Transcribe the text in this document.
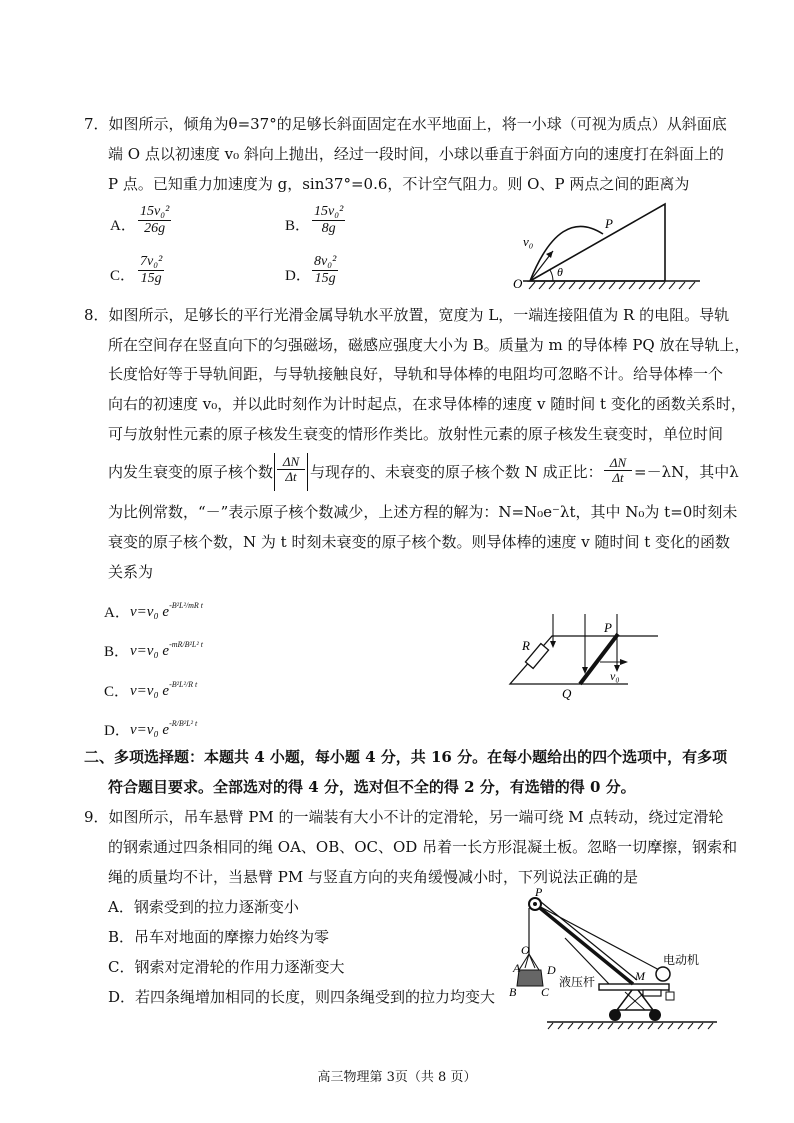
7．如图所示，倾角为θ=37°的足够长斜面固定在水平地面上，将一小球（可视为质点）从斜面底
端 O 点以初速度 v₀ 斜向上抛出，经过一段时间，小球以垂直于斜面方向的速度打在斜面上的
P 点。已知重力加速度为 g，sin37°=0.6，不计空气阻力。则 O、P 两点之间的距离为
A． $\frac{\text{15v₀²}}{26g}$	B． $\frac{\text{15v₀²}}{8g}$
C． $\frac{\text{7v₀²}}{15g}$	D． $\frac{\text{8v₀²}}{15g}$
P
v₀
O
θ
8．如图所示，足够长的平行光滑金属导轨水平放置，宽度为 L，一端连接阻值为 R 的电阻。导轨
所在空间存在竖直向下的匀强磁场，磁感应强度大小为 B。质量为 m 的导体棒 PQ 放在导轨上，
长度恰好等于导轨间距，与导轨接触良好，导轨和导体棒的电阻均可忽略不计。给导体棒一个
向右的初速度 v₀，并以此时刻作为计时起点，在求导体棒的速度 v 随时间 t 变化的函数关系时，
可与放射性元素的原子核发生衰变的情形作类比。放射性元素的原子核发生衰变时，单位时间
内发生衰变的原子核个数 $\frac{\Delta N}{\Delta t}$ 与现存的、未衰变的原子核个数 N 成正比： $\frac{\Delta N}{\Delta t} =-\lambda N$，其中λ
为比例常数，“－”表示原子核个数减少，上述方程的解为：N=N₀e⁻λt，其中 N₀为 t=0时刻未
衰变的原子核个数，N 为 t 时刻未衰变的原子核个数。则导体棒的速度 v 随时间 t 变化的函数
关系为
A． v=v₀ $e^{-B^2L^2/mR t}$
B． v=v₀ $e^{-mR/B^2L^2 t}$
C． v=v₀ $e^{-B^2L^2/R t}$
D． v=v₀ $e^{-R/B^2L^2 t}$
R
P
Q
v₀
二、多项选择题：本题共 4 小题，每小题 4 分，共 16 分。在每小题给出的四个选项中，有多项
符合题目要求。全部选对的得 4 分，选对但不全的得 2 分，有选错的得 0 分。
9．如图所示，吊车悬臂 PM 的一端装有大小不计的定滑轮，另一端可绕 M 点转动，绕过定滑轮
的钢索通过四条相同的绳 OA、OB、OC、OD 吊着一长方形混凝土板。忽略一切摩擦，钢索和
绳的质量均不计，当悬臂 PM 与竖直方向的夹角缓慢减小时，下列说法正确的是
A．钢索受到的拉力逐渐变小
B．吊车对地面的摩擦力始终为零
C．钢索对定滑轮的作用力逐渐变大
D．若四条绳增加相同的长度，则四条绳受到的拉力均变大
P
O
A D
B C
M
液压杆
电动机
高三物理第 3页（共 8 页）
